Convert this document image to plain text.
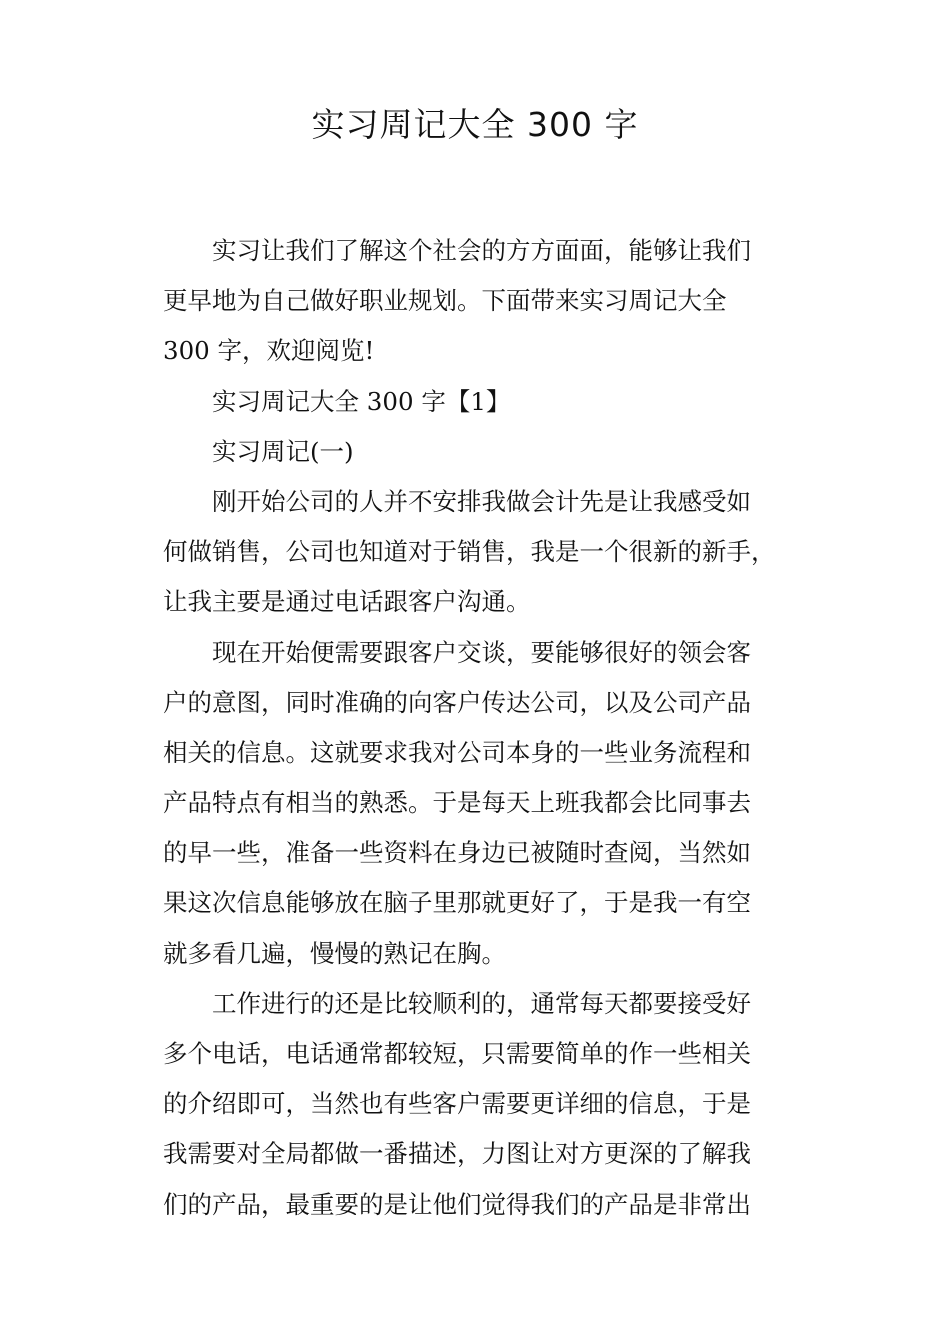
实习周记大全 300 字

实习让我们了解这个社会的方方面面，能够让我们

更早地为自己做好职业规划。下面带来实习周记大全

300 字，欢迎阅览!

实习周记大全 300 字【1】

实习周记(一)

刚开始公司的人并不安排我做会计先是让我感受如

何做销售，公司也知道对于销售，我是一个很新的新手，

让我主要是通过电话跟客户沟通。

现在开始便需要跟客户交谈，要能够很好的领会客

户的意图，同时准确的向客户传达公司，以及公司产品

相关的信息。这就要求我对公司本身的一些业务流程和

产品特点有相当的熟悉。于是每天上班我都会比同事去

的早一些，准备一些资料在身边已被随时查阅，当然如

果这次信息能够放在脑子里那就更好了，于是我一有空

就多看几遍，慢慢的熟记在胸。

工作进行的还是比较顺利的，通常每天都要接受好

多个电话，电话通常都较短，只需要简单的作一些相关

的介绍即可，当然也有些客户需要更详细的信息，于是

我需要对全局都做一番描述，力图让对方更深的了解我

们的产品，最重要的是让他们觉得我们的产品是非常出
